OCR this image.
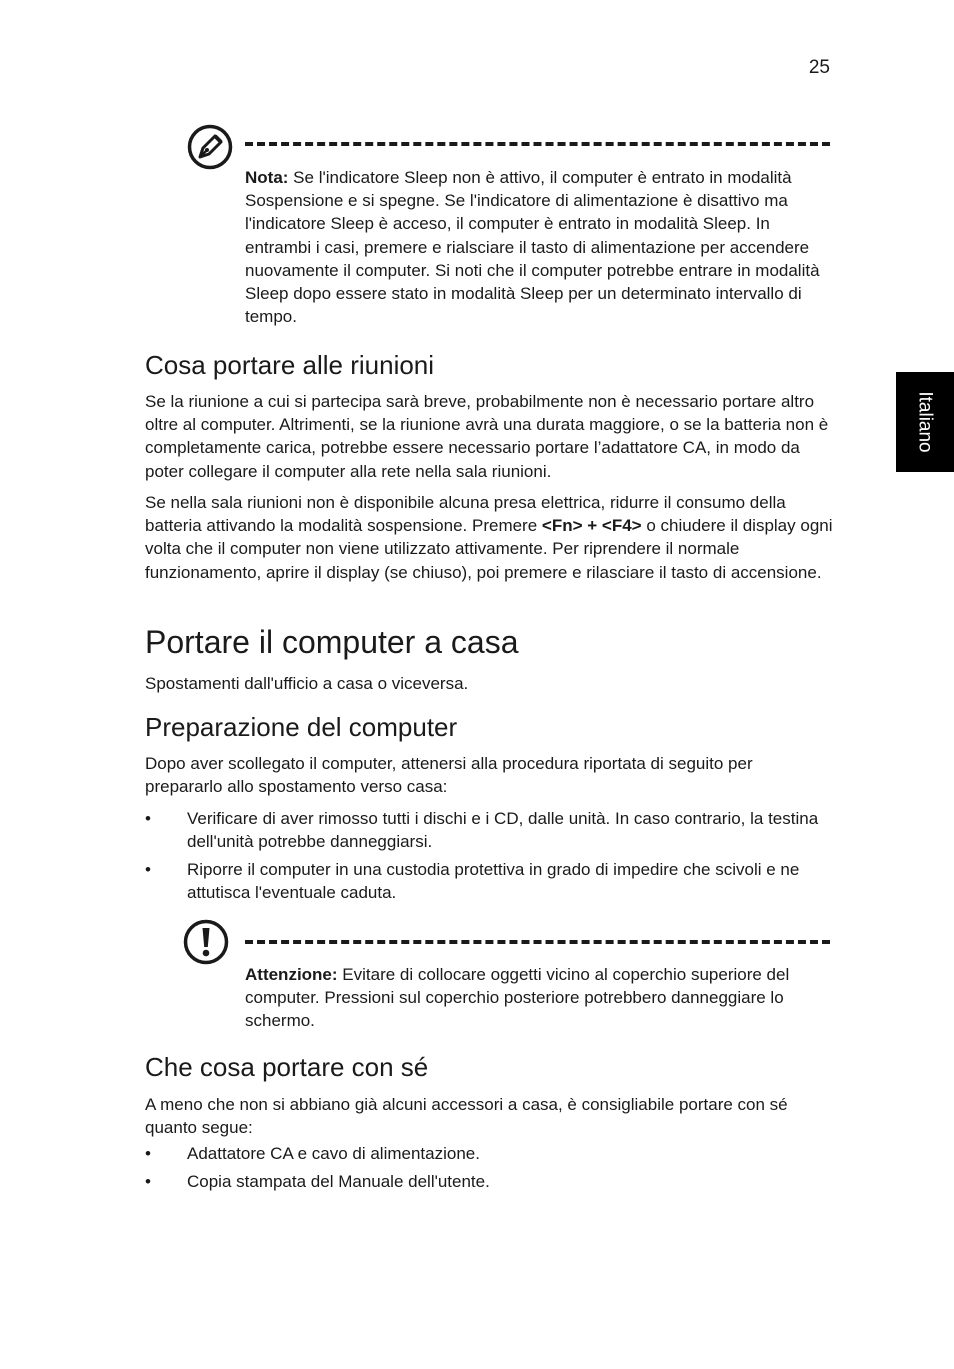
25
Italiano
Nota: Se l'indicatore Sleep non è attivo, il computer è entrato in modalità Sospensione e si spegne. Se l'indicatore di alimentazione è disattivo ma l'indicatore Sleep è acceso, il computer è entrato in modalità Sleep. In entrambi i casi, premere e rialsciare il tasto di alimentazione per accendere nuovamente il computer. Si noti che il computer potrebbe entrare in modalità Sleep dopo essere stato in modalità Sleep per un determinato intervallo di tempo.
Cosa portare alle riunioni
Se la riunione a cui si partecipa sarà breve, probabilmente non è necessario portare altro oltre al computer. Altrimenti, se la riunione avrà una durata maggiore, o se la batteria non è completamente carica, potrebbe essere necessario portare l’adattatore CA, in modo da poter collegare il computer alla rete nella sala riunioni.
Se nella sala riunioni non è disponibile alcuna presa elettrica, ridurre il consumo della batteria attivando la modalità sospensione. Premere <Fn> + <F4> o chiudere il display ogni volta che il computer non viene utilizzato attivamente. Per riprendere il normale funzionamento, aprire il display (se chiuso), poi premere e rilasciare il tasto di accensione.
Portare il computer a casa
Spostamenti dall'ufficio a casa o viceversa.
Preparazione del computer
Dopo aver scollegato il computer, attenersi alla procedura riportata di seguito per prepararlo allo spostamento verso casa:
• Verificare di aver rimosso tutti i dischi e i CD, dalle unità. In caso contrario, la testina dell'unità potrebbe danneggiarsi.
• Riporre il computer in una custodia protettiva in grado di impedire che scivoli e ne attutisca l'eventuale caduta.
Attenzione: Evitare di collocare oggetti vicino al coperchio superiore del computer. Pressioni sul coperchio posteriore potrebbero danneggiare lo schermo.
Che cosa portare con sé
A meno che non si abbiano già alcuni accessori a casa, è consigliabile portare con sé quanto segue:
• Adattatore CA e cavo di alimentazione.
• Copia stampata del Manuale dell'utente.
